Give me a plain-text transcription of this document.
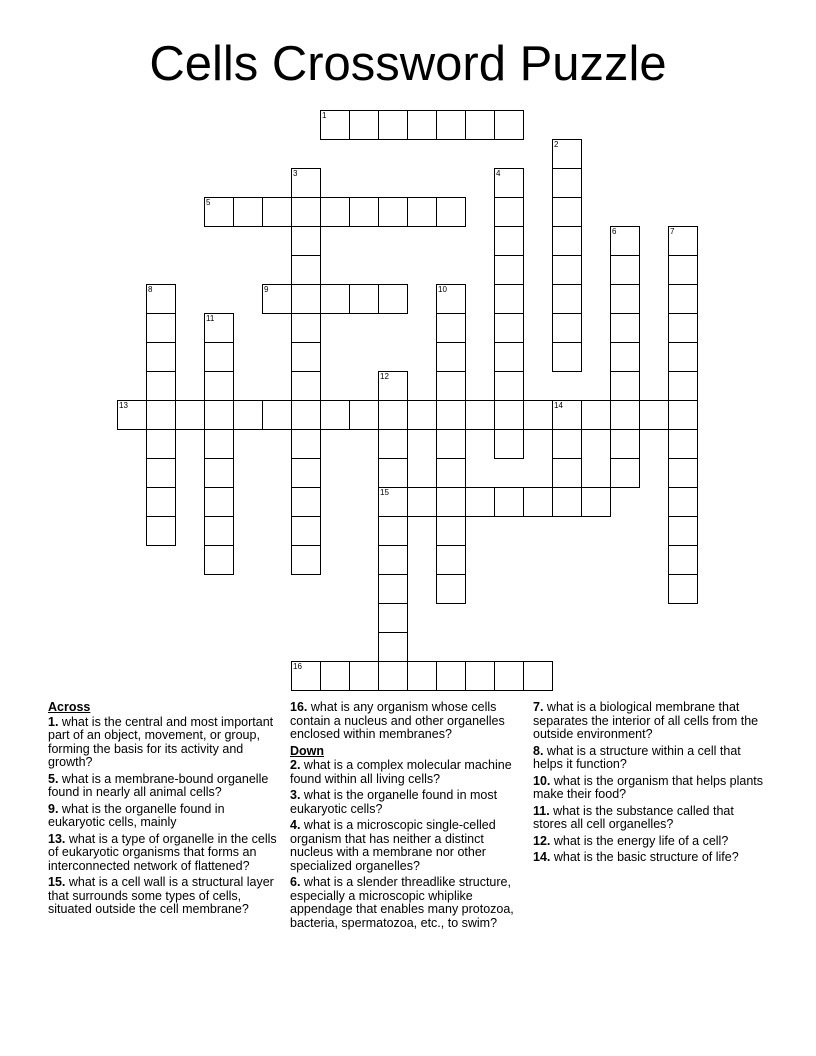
Cells Crossword Puzzle
1
2
3	4
5
6	7
8	9	10
11
12
15
13	14
16
Across
1. what is the central and most important part of an object, movement, or group, forming the basis for its activity and growth?
5. what is a membrane-bound organelle found in nearly all animal cells?
9. what is the organelle found in eukaryotic cells, mainly
13. what is a type of organelle in the cells of eukaryotic organisms that forms an interconnected network of flattened?
15. what is a cell wall is a structural layer that surrounds some types of cells, situated outside the cell membrane?
16. what is any organism whose cells contain a nucleus and other organelles enclosed within membranes?
Down
2. what is a complex molecular machine found within all living cells?
3. what is the organelle found in most eukaryotic cells?
4. what is a microscopic single-celled organism that has neither a distinct nucleus with a membrane nor other specialized organelles?
6. what is a slender threadlike structure, especially a microscopic whiplike appendage that enables many protozoa, bacteria, spermatozoa, etc., to swim?
7. what is a biological membrane that separates the interior of all cells from the outside environment?
8. what is a structure within a cell that helps it function?
10. what is the organism that helps plants make their food?
11. what is the substance called that stores all cell organelles?
12. what is the energy life of a cell?
14. what is the basic structure of life?
